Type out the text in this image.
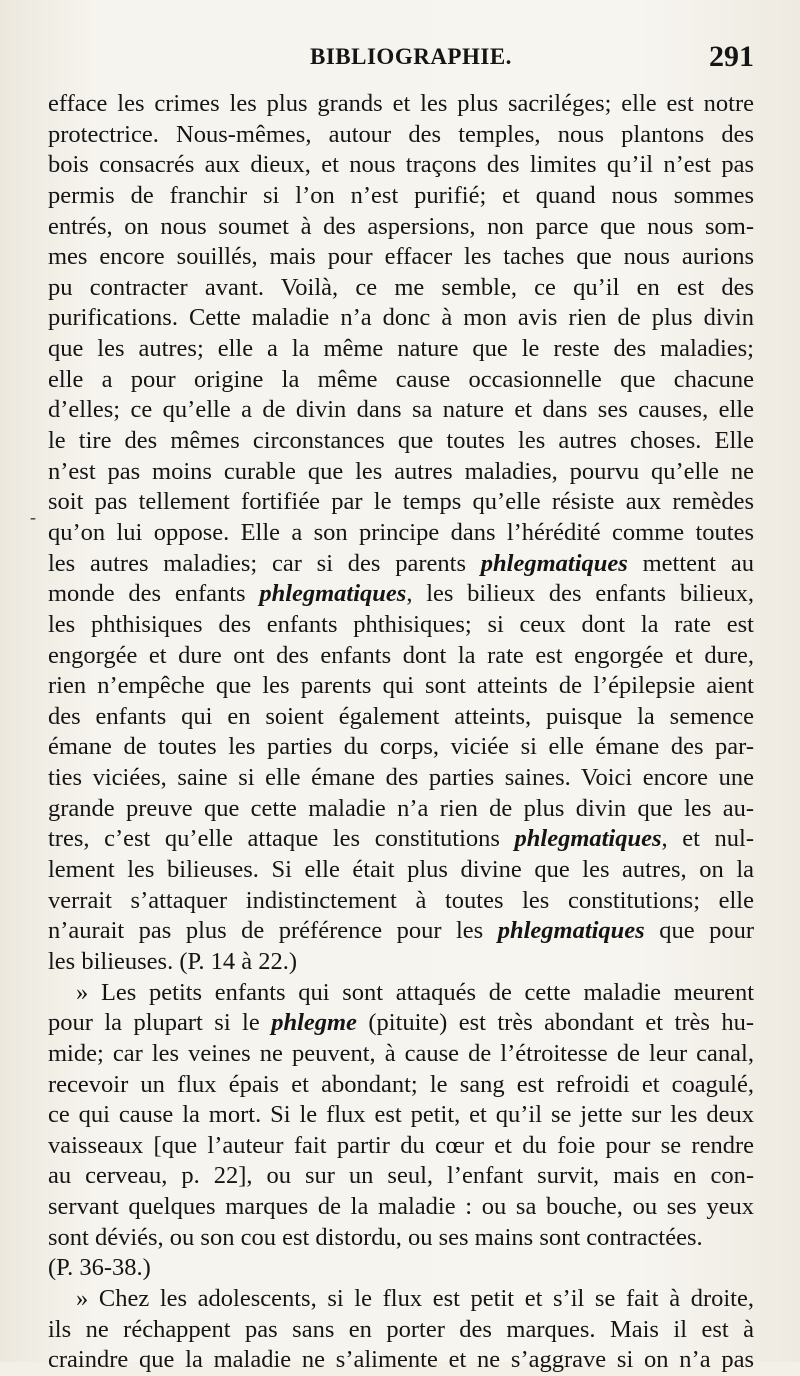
BIBLIOGRAPHIE.	291
-
efface les crimes les plus grands et les plus sacriléges; elle est notre
protectrice. Nous-mêmes, autour des temples, nous plantons des
bois consacrés aux dieux, et nous traçons des limites qu’il n’est pas
permis de franchir si l’on n’est purifié; et quand nous sommes
entrés, on nous soumet à des aspersions, non parce que nous som-
mes encore souillés, mais pour effacer les taches que nous aurions
pu contracter avant. Voilà, ce me semble, ce qu’il en est des
purifications. Cette maladie n’a donc à mon avis rien de plus divin
que les autres; elle a la même nature que le reste des maladies;
elle a pour origine la même cause occasionnelle que chacune
d’elles; ce qu’elle a de divin dans sa nature et dans ses causes, elle
le tire des mêmes circonstances que toutes les autres choses. Elle
n’est pas moins curable que les autres maladies, pourvu qu’elle ne
soit pas tellement fortifiée par le temps qu’elle résiste aux remèdes
qu’on lui oppose. Elle a son principe dans l’hérédité comme toutes
les autres maladies; car si des parents phlegmatiques mettent au
monde des enfants phlegmatiques, les bilieux des enfants bilieux,
les phthisiques des enfants phthisiques; si ceux dont la rate est
engorgée et dure ont des enfants dont la rate est engorgée et dure,
rien n’empêche que les parents qui sont atteints de l’épilepsie aient
des enfants qui en soient également atteints, puisque la semence
émane de toutes les parties du corps, viciée si elle émane des par-
ties viciées, saine si elle émane des parties saines. Voici encore une
grande preuve que cette maladie n’a rien de plus divin que les au-
tres, c’est qu’elle attaque les constitutions phlegmatiques, et nul-
lement les bilieuses. Si elle était plus divine que les autres, on la
verrait s’attaquer indistinctement à toutes les constitutions; elle
n’aurait pas plus de préférence pour les phlegmatiques que pour
les bilieuses. (P. 14 à 22.)
» Les petits enfants qui sont attaqués de cette maladie meurent
pour la plupart si le phlegme (pituite) est très abondant et très hu-
mide; car les veines ne peuvent, à cause de l’étroitesse de leur canal,
recevoir un flux épais et abondant; le sang est refroidi et coagulé,
ce qui cause la mort. Si le flux est petit, et qu’il se jette sur les deux
vaisseaux [que l’auteur fait partir du cœur et du foie pour se rendre
au cerveau, p. 22], ou sur un seul, l’enfant survit, mais en con-
servant quelques marques de la maladie : ou sa bouche, ou ses yeux
sont déviés, ou son cou est distordu, ou ses mains sont contractées.
(P. 36-38.)
» Chez les adolescents, si le flux est petit et s’il se fait à droite,
ils ne réchappent pas sans en porter des marques. Mais il est à
craindre que la maladie ne s’alimente et ne s’aggrave si on n’a pas
